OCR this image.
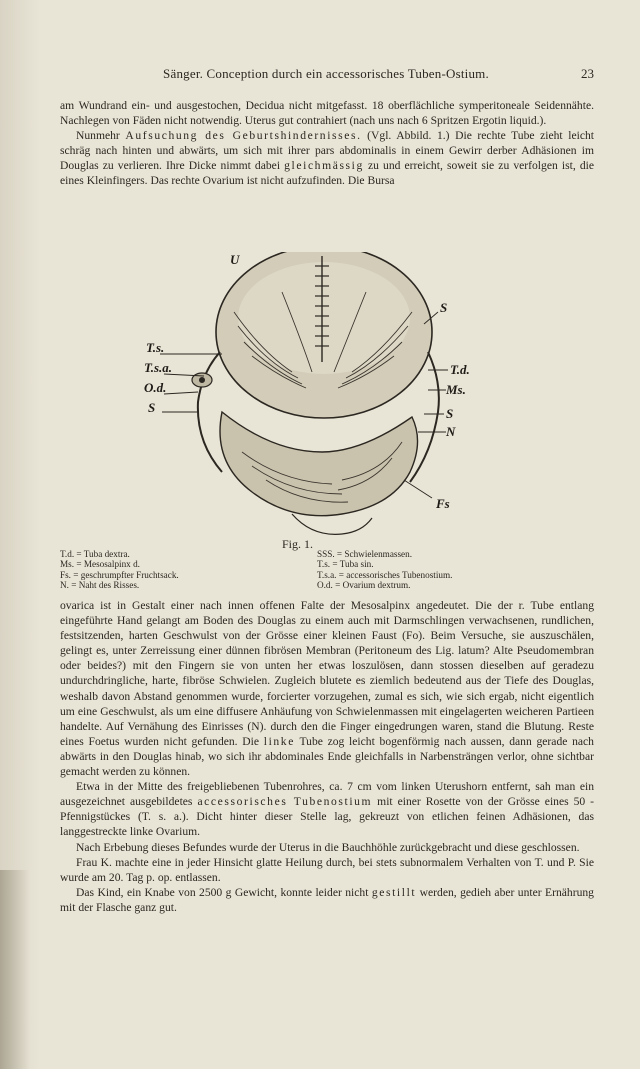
Sänger. Conception durch ein accessorisches Tuben-Ostium.	23

am Wundrand ein- und ausgestochen, Decidua nicht mitgefasst. 18 oberflächliche symperitoneale Seidennähte. Nachlegen von Fäden nicht notwendig. Uterus gut contrahiert (nach uns nach 6 Spritzen Ergotin liquid.).

Nunmehr Aufsuchung des Geburtshindernisses. (Vgl. Abbild. 1.) Die rechte Tube zieht leicht schräg nach hinten und abwärts, um sich mit ihrer pars abdominalis in einem Gewirr derber Adhäsionen im Douglas zu verlieren. Ihre Dicke nimmt dabei gleichmässig zu und erreicht, soweit sie zu verfolgen ist, die eines Kleinfingers. Das rechte Ovarium ist nicht aufzufinden. Die Bursa

U
S
T.s.
T.s.a.
O.d.
S
T.d.
Ms.
S
N
Fs
Fig. 1.
T.d. = Tuba dextra.
Ms. = Mesosalpinx d.
Fs. = geschrumpfter Fruchtsack.
N. = Naht des Risses.
SSS. = Schwielenmassen.
T.s. = Tuba sin.
T.s.a. = accessorisches Tubenostium.
O.d. = Ovarium dextrum.

ovarica ist in Gestalt einer nach innen offenen Falte der Mesosalpinx angedeutet. Die der r. Tube entlang eingeführte Hand gelangt am Boden des Douglas zu einem auch mit Darmschlingen verwachsenen, rundlichen, festsitzenden, harten Geschwulst von der Grösse einer kleinen Faust (Fo). Beim Versuche, sie auszuschälen, gelingt es, unter Zerreissung einer dünnen fibrösen Membran (Peritoneum des Lig. latum? Alte Pseudomembran oder beides?) mit den Fingern sie von unten her etwas loszulösen, dann stossen dieselben auf geradezu undurchdringliche, harte, fibröse Schwielen. Zugleich blutete es ziemlich bedeutend aus der Tiefe des Douglas, weshalb davon Abstand genommen wurde, forcierter vorzugehen, zumal es sich, wie sich ergab, nicht eigentlich um eine Geschwulst, als um eine diffusere Anhäufung von Schwielenmassen mit eingelagerten weicheren Partieen handelte. Auf Vernähung des Einrisses (N). durch den die Finger eingedrungen waren, stand die Blutung. Reste eines Foetus wurden nicht gefunden. Die linke Tube zog leicht bogenförmig nach aussen, dann gerade nach abwärts in den Douglas hinab, wo sich ihr abdominales Ende gleichfalls in Narbensträngen verlor, ohne sichtbar gemacht werden zu können.

Etwa in der Mitte des freigebliebenen Tubenrohres, ca. 7 cm vom linken Uterushorn entfernt, sah man ein ausgezeichnet ausgebildetes accessorisches Tubenostium mit einer Rosette von der Grösse eines 50 - Pfennigstückes (T. s. a.). Dicht hinter dieser Stelle lag, gekreuzt von etlichen feinen Adhäsionen, das langgestreckte linke Ovarium.

Nach Erbebung dieses Befundes wurde der Uterus in die Bauchhöhle zurückgebracht und diese geschlossen.

Frau K. machte eine in jeder Hinsicht glatte Heilung durch, bei stets subnormalem Verhalten von T. und P. Sie wurde am 20. Tag p. op. entlassen.

Das Kind, ein Knabe von 2500 g Gewicht, konnte leider nicht gestillt werden, gedieh aber unter Ernährung mit der Flasche ganz gut.
